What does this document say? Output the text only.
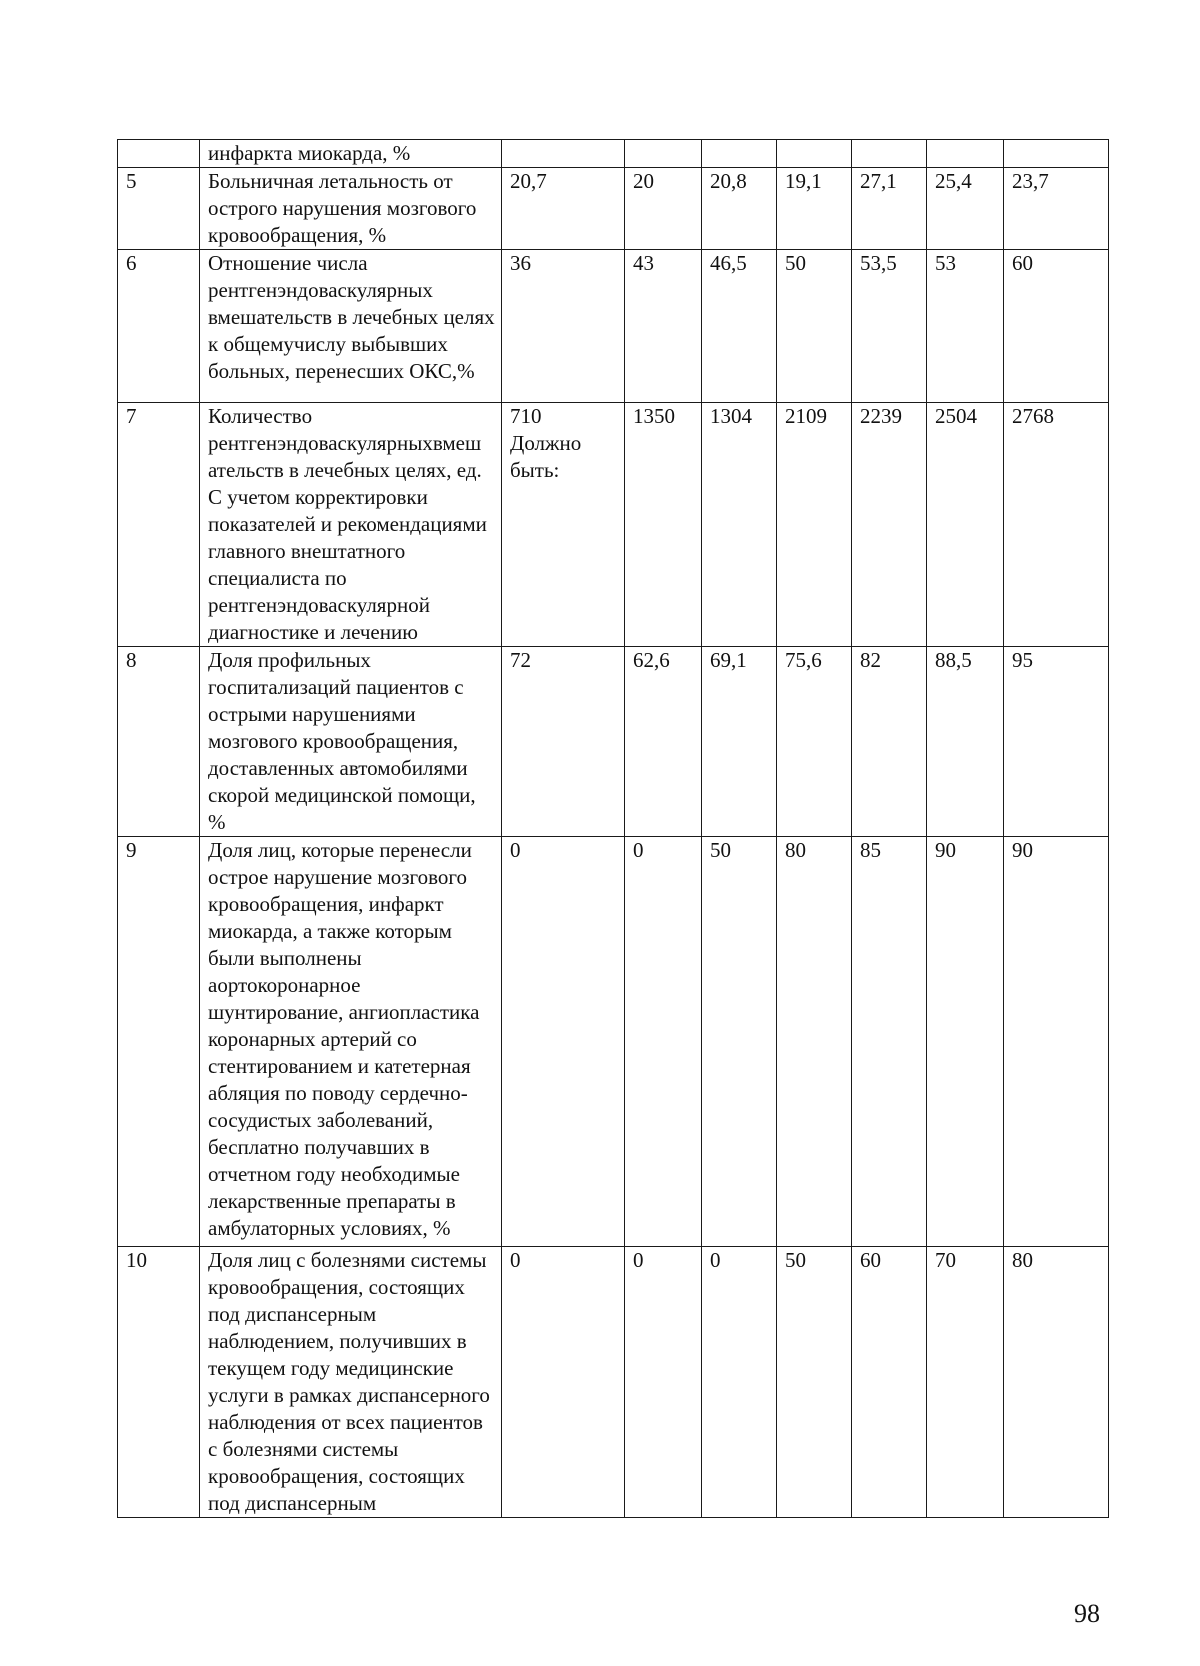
	инфаркта миокарда, %							
5	Больничная летальность от острого нарушения мозгового кровообращения, %	20,7	20	20,8	19,1	27,1	25,4	23,7
6	Отношение числа рентгенэндоваскулярных вмешательств в лечебных целях к общемучислу выбывших больных, перенесших ОКС,%	36	43	46,5	50	53,5	53	60
7	Количество рентгенэндоваскулярныхвмеш ательств в лечебных целях, ед. С учетом корректировки показателей и рекомендациями главного внештатного специалиста по рентгенэндоваскулярной диагностике и лечению	710 Должно быть:	1350	1304	2109	2239	2504	2768
8	Доля профильных госпитализаций пациентов с острыми нарушениями мозгового кровообращения, доставленных автомобилями скорой медицинской помощи, %	72	62,6	69,1	75,6	82	88,5	95
9	Доля лиц, которые перенесли острое нарушение мозгового кровообращения, инфаркт миокарда, а также которым были выполнены аортокоронарное шунтирование, ангиопластика коронарных артерий со стентированием и катетерная абляция по поводу сердечно- сосудистых заболеваний, бесплатно получавших в отчетном году необходимые лекарственные препараты в амбулаторных условиях, %	0	0	50	80	85	90	90
10	Доля лиц с болезнями системы кровообращения, состоящих под диспансерным наблюдением, получивших в текущем году медицинские услуги в рамках диспансерного наблюдения от всех пациентов с болезнями системы кровообращения, состоящих под диспансерным	0	0	0	50	60	70	80
98
